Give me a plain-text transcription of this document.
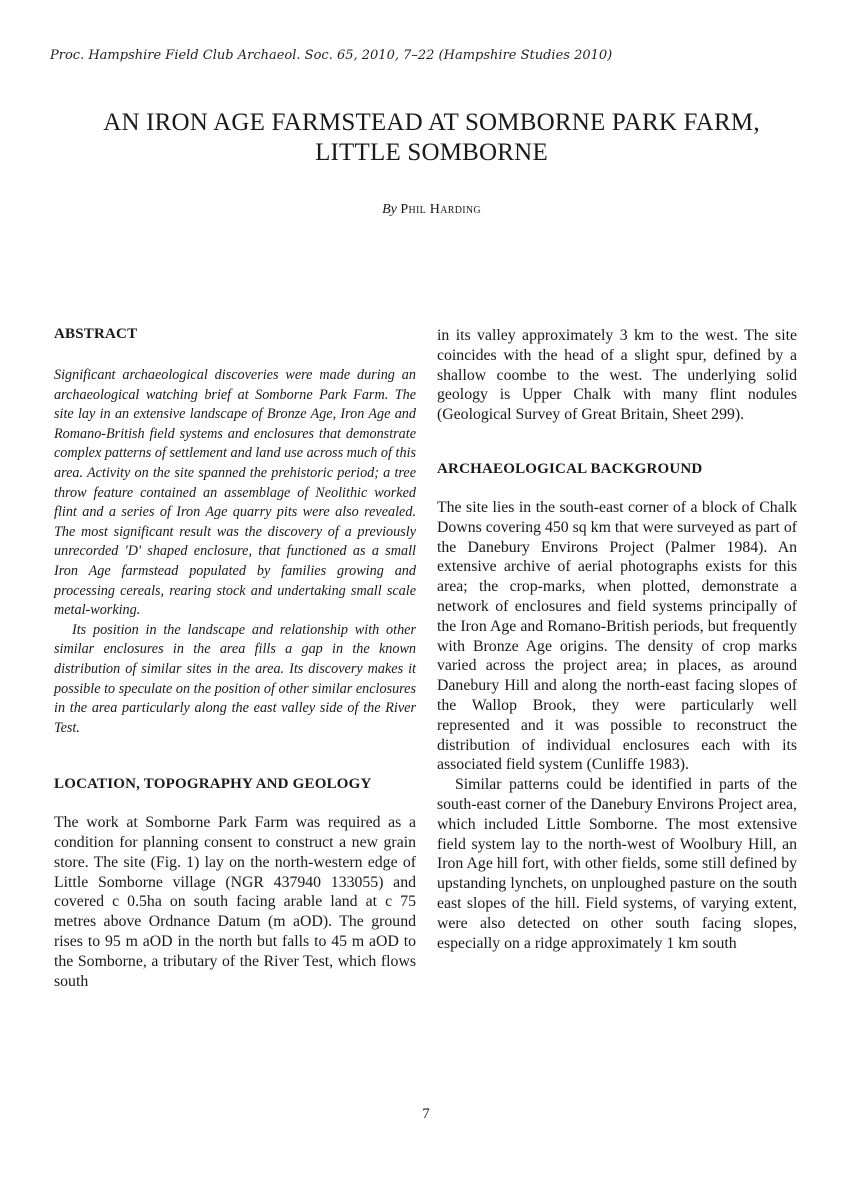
Proc. Hampshire Field Club Archaeol. Soc. 65, 2010, 7–22 (Hampshire Studies 2010)
AN IRON AGE FARMSTEAD AT SOMBORNE PARK FARM,
LITTLE SOMBORNE
By Phil Harding
ABSTRACT

Significant archaeological discoveries were made during an archaeological watching brief at Somborne Park Farm. The site lay in an extensive landscape of Bronze Age, Iron Age and Romano-British field systems and enclosures that demonstrate complex patterns of settlement and land use across much of this area. Activity on the site spanned the prehistoric period; a tree throw feature contained an assemblage of Neolithic worked flint and a series of Iron Age quarry pits were also revealed. The most significant result was the discovery of a previously unrecorded 'D' shaped enclosure, that functioned as a small Iron Age farmstead populated by families growing and processing cereals, rearing stock and undertaking small scale metal-working.

Its position in the landscape and relationship with other similar enclosures in the area fills a gap in the known distribution of similar sites in the area. Its discovery makes it possible to speculate on the position of other similar enclosures in the area particularly along the east valley side of the River Test.

LOCATION, TOPOGRAPHY AND GEOLOGY

The work at Somborne Park Farm was required as a condition for planning consent to construct a new grain store. The site (Fig. 1) lay on the north-western edge of Little Somborne village (NGR 437940 133055) and covered c 0.5ha on south facing arable land at c 75 metres above Ordnance Datum (m aOD). The ground rises to 95 m aOD in the north but falls to 45 m aOD to the Somborne, a tributary of the River Test, which flows south

in its valley approximately 3 km to the west. The site coincides with the head of a slight spur, defined by a shallow coombe to the west. The underlying solid geology is Upper Chalk with many flint nodules (Geological Survey of Great Britain, Sheet 299).

ARCHAEOLOGICAL BACKGROUND

The site lies in the south-east corner of a block of Chalk Downs covering 450 sq km that were surveyed as part of the Danebury Environs Project (Palmer 1984). An extensive archive of aerial photographs exists for this area; the crop-marks, when plotted, demonstrate a network of enclosures and field systems principally of the Iron Age and Romano-British periods, but frequently with Bronze Age origins. The density of crop marks varied across the project area; in places, as around Danebury Hill and along the north-east facing slopes of the Wallop Brook, they were particularly well represented and it was possible to reconstruct the distribution of individual enclosures each with its associated field system (Cunliffe 1983).

Similar patterns could be identified in parts of the south-east corner of the Danebury Environs Project area, which included Little Somborne. The most extensive field system lay to the north-west of Woolbury Hill, an Iron Age hill fort, with other fields, some still defined by upstanding lynchets, on unploughed pasture on the south east slopes of the hill. Field systems, of varying extent, were also detected on other south facing slopes, especially on a ridge approximately 1 km south

7
